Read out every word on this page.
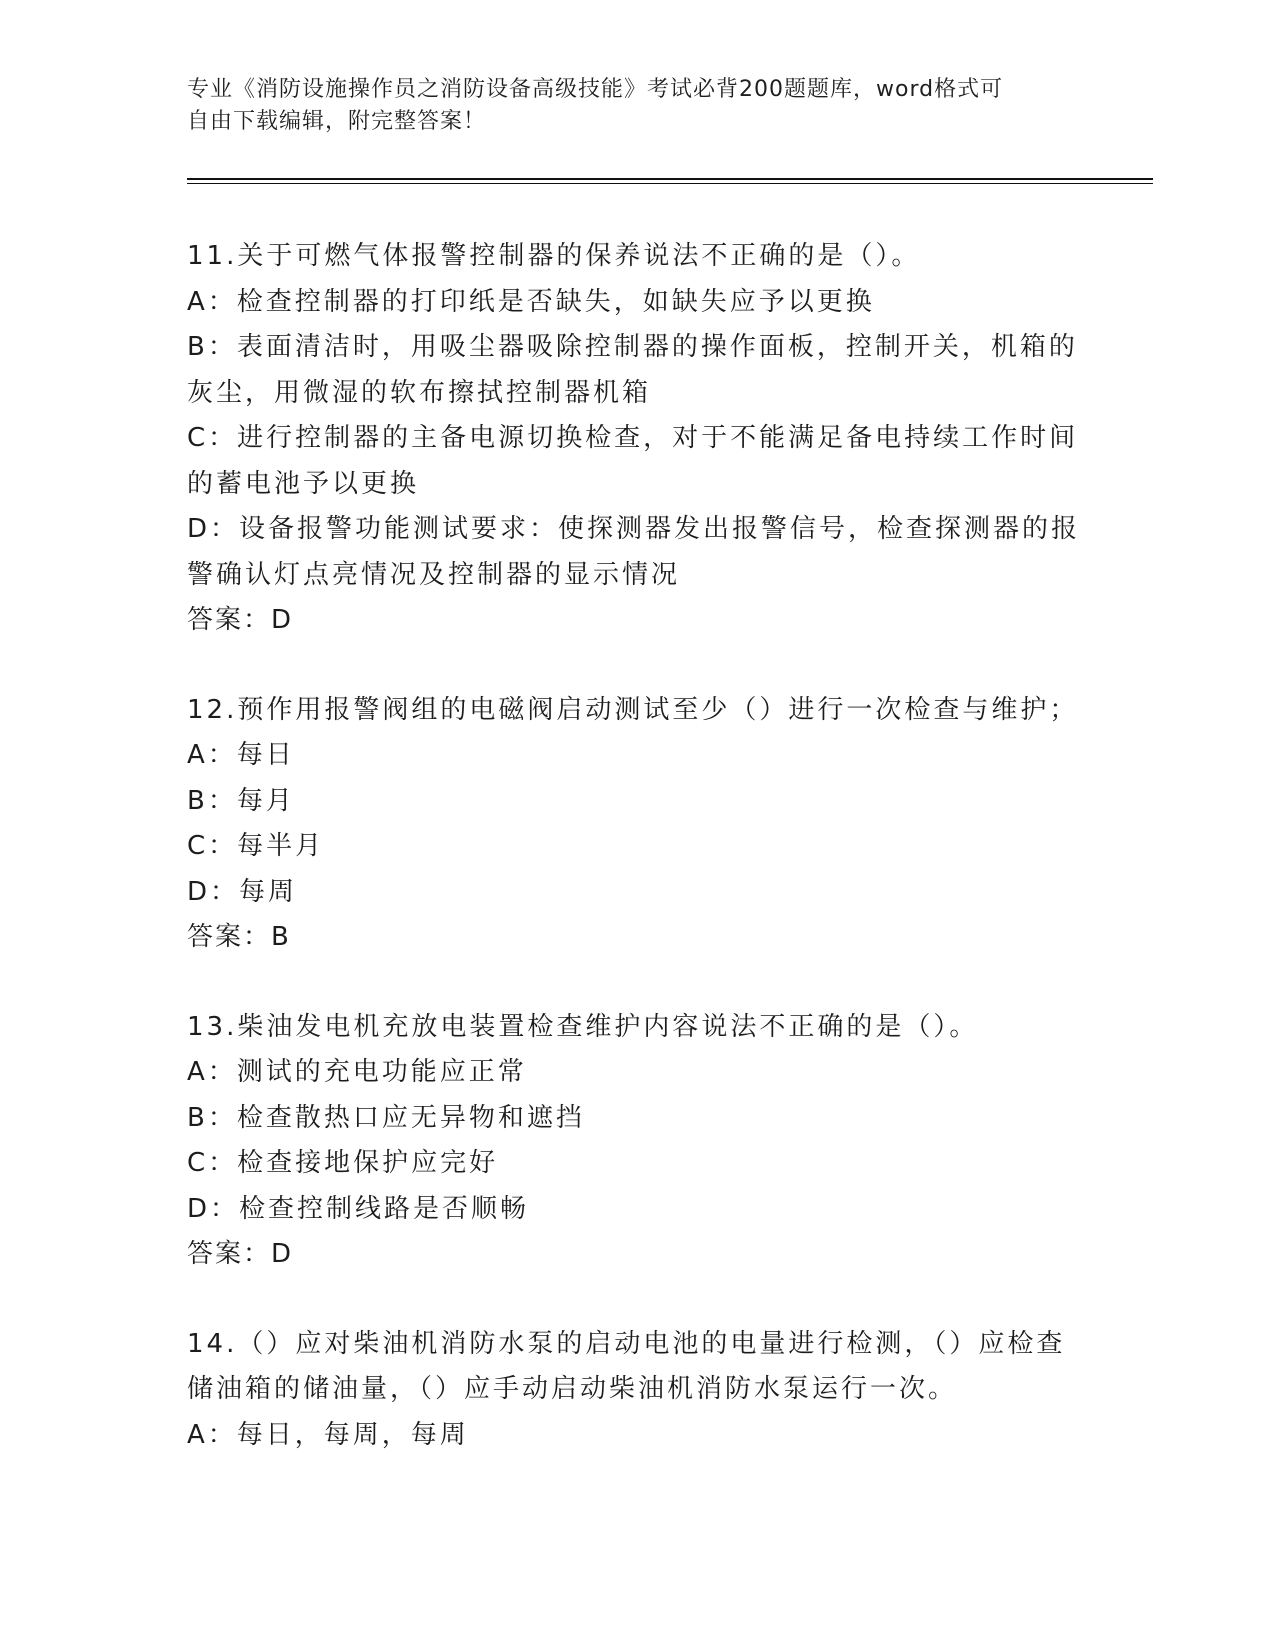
专业《消防设施操作员之消防设备高级技能》考试必背200题题库，word格式可
自由下载编辑，附完整答案！
11.关于可燃气体报警控制器的保养说法不正确的是（）。
A：检查控制器的打印纸是否缺失，如缺失应予以更换
B：表面清洁时，用吸尘器吸除控制器的操作面板，控制开关，机箱的
灰尘，用微湿的软布擦拭控制器机箱
C：进行控制器的主备电源切换检查，对于不能满足备电持续工作时间
的蓄电池予以更换
D：设备报警功能测试要求：使探测器发出报警信号，检查探测器的报
警确认灯点亮情况及控制器的显示情况
答案：D
12.预作用报警阀组的电磁阀启动测试至少（）进行一次检查与维护；
A：每日
B：每月
C：每半月
D：每周
答案：B
13.柴油发电机充放电装置检查维护内容说法不正确的是（）。
A：测试的充电功能应正常
B：检查散热口应无异物和遮挡
C：检查接地保护应完好
D：检查控制线路是否顺畅
答案：D
14.（）应对柴油机消防水泵的启动电池的电量进行检测，（）应检查
储油箱的储油量，（）应手动启动柴油机消防水泵运行一次。
A：每日，每周，每周
